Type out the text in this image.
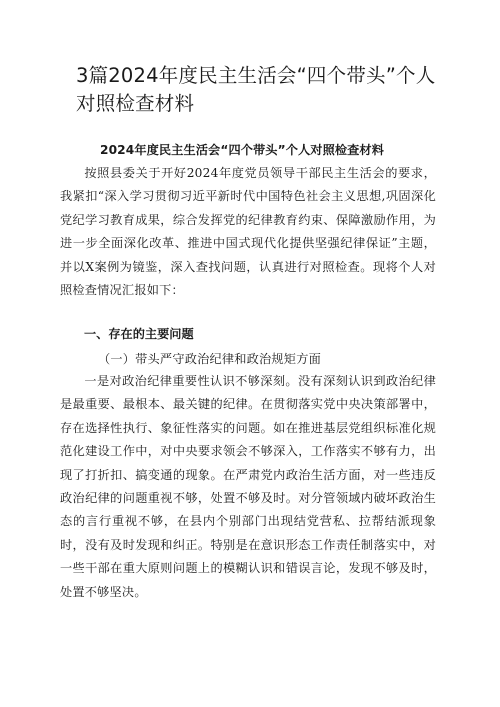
3篇2024年度民主生活会“四个带头”个人对照检查材料
2024年度民主生活会“四个带头”个人对照检查材料

按照县委关于开好2024年度党员领导干部民主生活会的要求，我紧扣“深入学习贯彻习近平新时代中国特色社会主义思想,巩固深化党纪学习教育成果，综合发挥党的纪律教育约束、保障激励作用，为进一步全面深化改革、推进中国式现代化提供坚强纪律保证”主题，并以X案例为镜鉴，深入查找问题，认真进行对照检查。现将个人对照检查情况汇报如下：

一、存在的主要问题
（一）带头严守政治纪律和政治规矩方面

一是对政治纪律重要性认识不够深刻。没有深刻认识到政治纪律是最重要、最根本、最关键的纪律。在贯彻落实党中央决策部署中，存在选择性执行、象征性落实的问题。如在推进基层党组织标准化规范化建设工作中，对中央要求领会不够深入，工作落实不够有力，出现了打折扣、搞变通的现象。在严肃党内政治生活方面，对一些违反政治纪律的问题重视不够，处置不够及时。对分管领域内破坏政治生态的言行重视不够，在县内个别部门出现结党营私、拉帮结派现象时，没有及时发现和纠正。特别是在意识形态工作责任制落实中，对一些干部在重大原则问题上的模糊认识和错误言论，发现不够及时，处置不够坚决。
